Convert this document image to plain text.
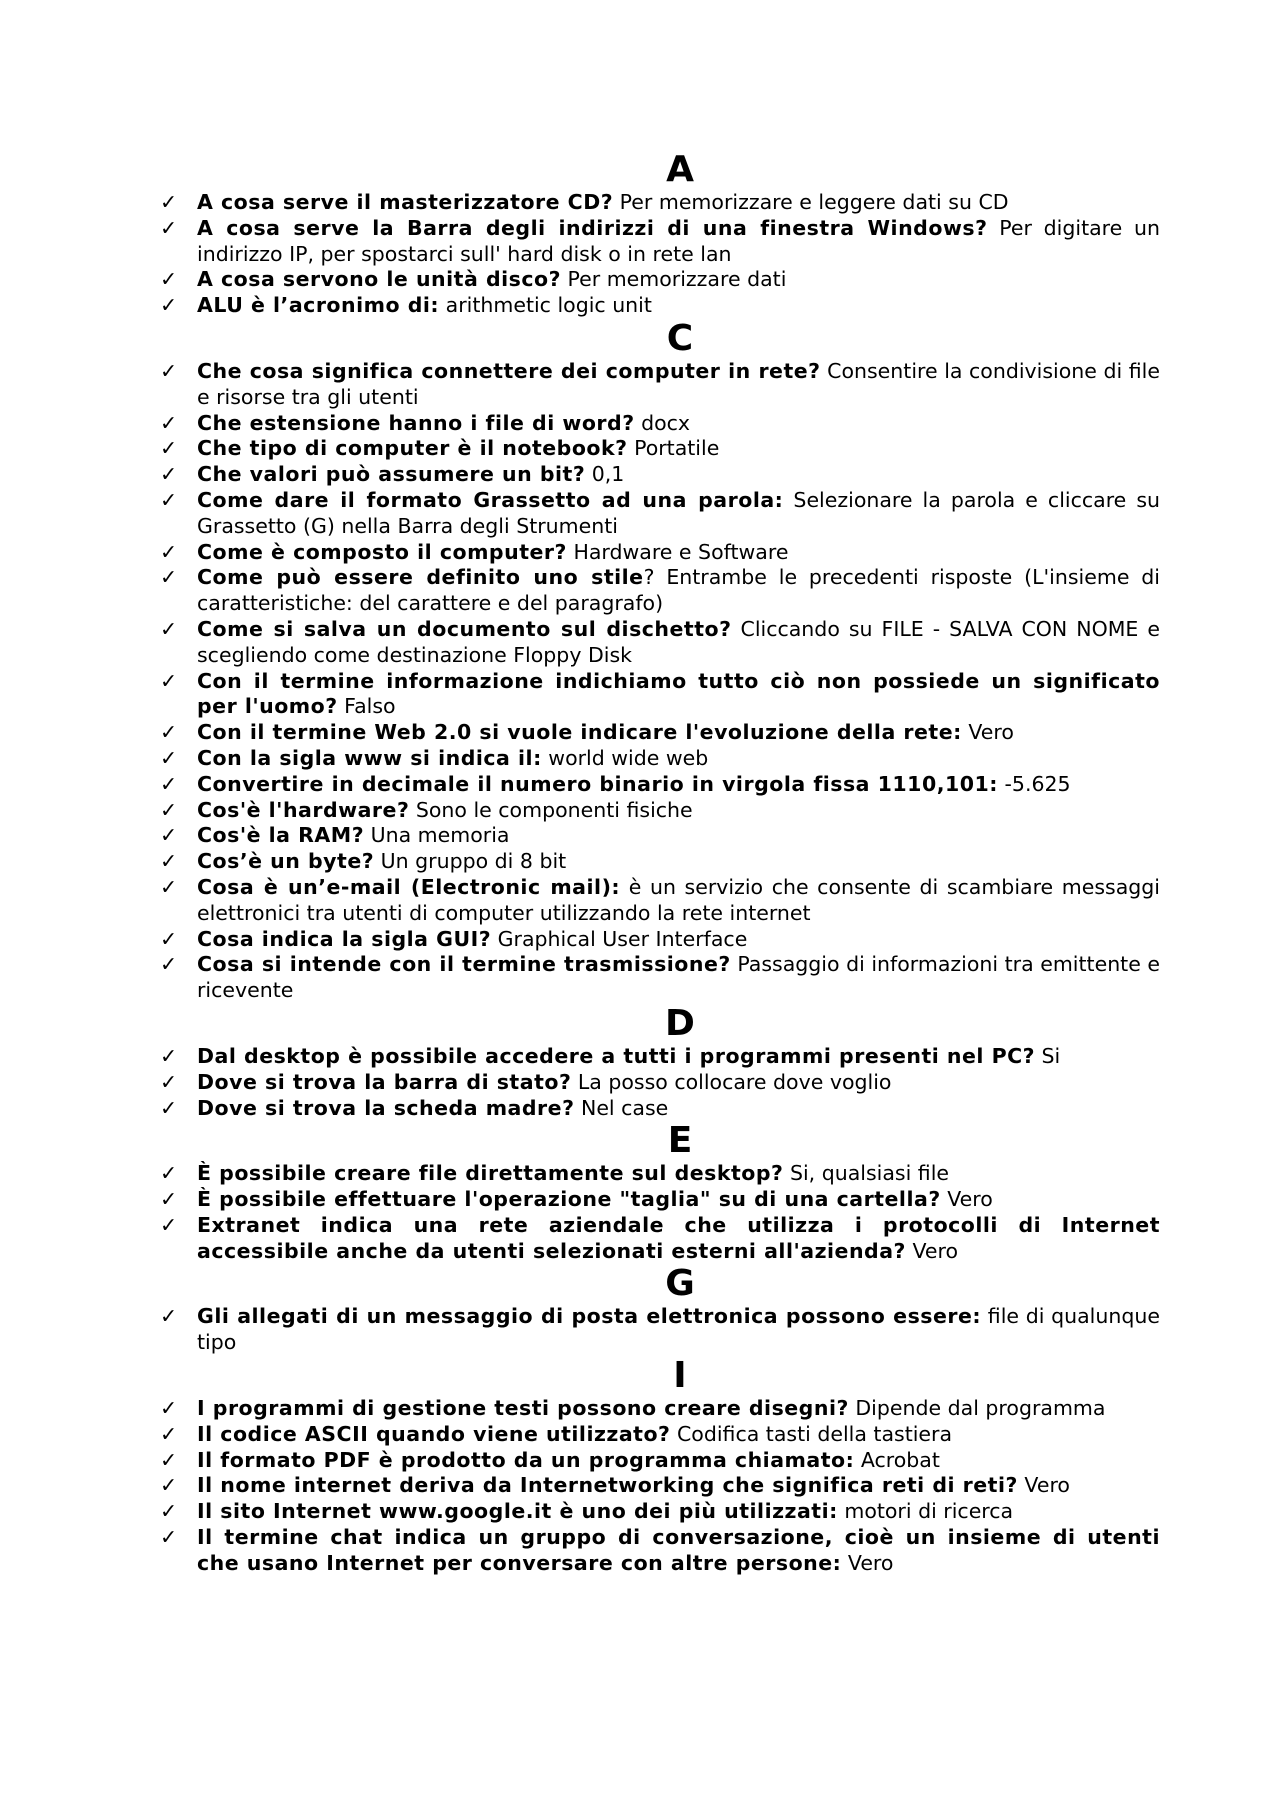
A
✓ A cosa serve il masterizzatore CD? Per memorizzare e leggere dati su CD
✓ A cosa serve la Barra degli indirizzi di una finestra Windows? Per digitare un indirizzo IP, per spostarci sull' hard disk o in rete lan
✓ A cosa servono le unità disco? Per memorizzare dati
✓ ALU è l’acronimo di: arithmetic logic unit
C
✓ Che cosa significa connettere dei computer in rete? Consentire la condivisione di file e risorse tra gli utenti
✓ Che estensione hanno i file di word? docx
✓ Che tipo di computer è il notebook? Portatile
✓ Che valori può assumere un bit? 0,1
✓ Come dare il formato Grassetto ad una parola: Selezionare la parola e cliccare su Grassetto (G) nella Barra degli Strumenti
✓ Come è composto il computer? Hardware e Software
✓ Come può essere definito uno stile? Entrambe le precedenti risposte (L'insieme di caratteristiche: del carattere e del paragrafo)
✓ Come si salva un documento sul dischetto? Cliccando su FILE - SALVA CON NOME e scegliendo come destinazione Floppy Disk
✓ Con il termine informazione indichiamo tutto ciò non possiede un significato per l'uomo? Falso
✓ Con il termine Web 2.0 si vuole indicare l'evoluzione della rete: Vero
✓ Con la sigla www si indica il: world wide web
✓ Convertire in decimale il numero binario in virgola fissa 1110,101: -5.625
✓ Cos'è l'hardware? Sono le componenti fisiche
✓ Cos'è la RAM? Una memoria
✓ Cos’è un byte? Un gruppo di 8 bit
✓ Cosa è un’e-mail (Electronic mail): è un servizio che consente di scambiare messaggi elettronici tra utenti di computer utilizzando la rete internet
✓ Cosa indica la sigla GUI? Graphical User Interface
✓ Cosa si intende con il termine trasmissione? Passaggio di informazioni tra emittente e ricevente
D
✓ Dal desktop è possibile accedere a tutti i programmi presenti nel PC? Si
✓ Dove si trova la barra di stato? La posso collocare dove voglio
✓ Dove si trova la scheda madre? Nel case
E
✓ È possibile creare file direttamente sul desktop? Si, qualsiasi file
✓ È possibile effettuare l'operazione "taglia" su di una cartella? Vero
✓ Extranet indica una rete aziendale che utilizza i protocolli di Internet accessibile anche da utenti selezionati esterni all'azienda? Vero
G
✓ Gli allegati di un messaggio di posta elettronica possono essere: file di qualunque tipo
I
✓ I programmi di gestione testi possono creare disegni? Dipende dal programma
✓ Il codice ASCII quando viene utilizzato? Codifica tasti della tastiera
✓ Il formato PDF è prodotto da un programma chiamato: Acrobat
✓ Il nome internet deriva da Internetworking che significa reti di reti? Vero
✓ Il sito Internet www.google.it è uno dei più utilizzati: motori di ricerca
✓ Il termine chat indica un gruppo di conversazione, cioè un insieme di utenti che usano Internet per conversare con altre persone: Vero
